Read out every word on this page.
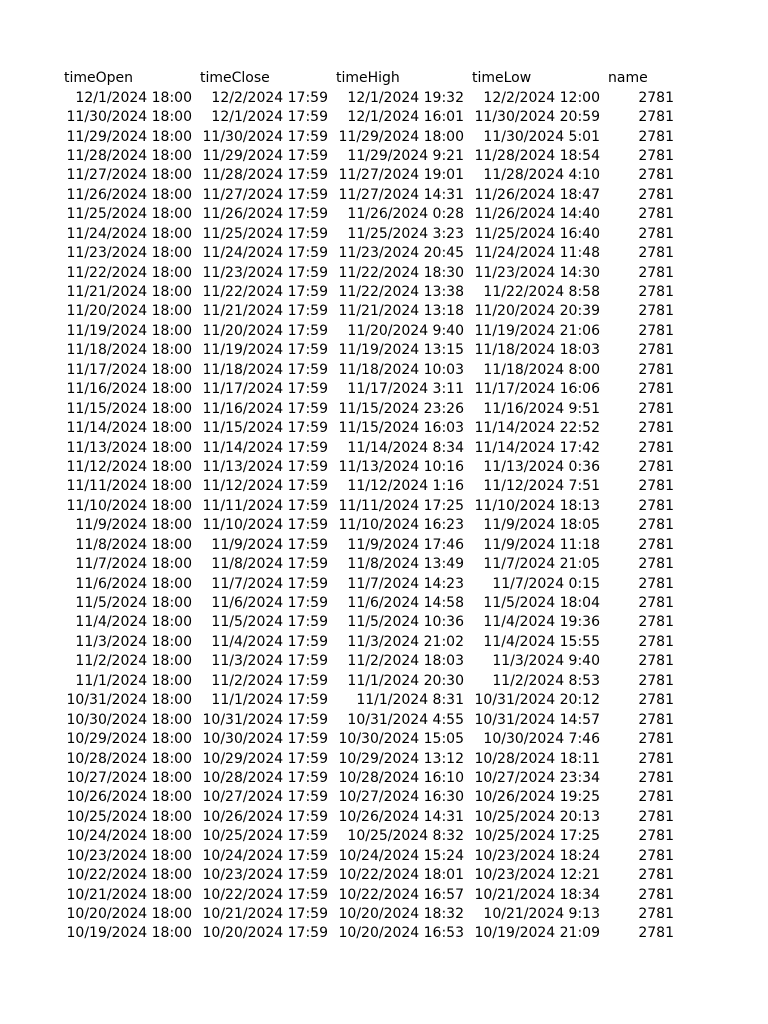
timeOpen	timeClose	timeHigh	timeLow	name
12/1/2024 18:00	12/2/2024 17:59	12/1/2024 19:32	12/2/2024 12:00	2781
11/30/2024 18:00	12/1/2024 17:59	12/1/2024 16:01	11/30/2024 20:59	2781
11/29/2024 18:00	11/30/2024 17:59	11/29/2024 18:00	11/30/2024 5:01	2781
11/28/2024 18:00	11/29/2024 17:59	11/29/2024 9:21	11/28/2024 18:54	2781
11/27/2024 18:00	11/28/2024 17:59	11/27/2024 19:01	11/28/2024 4:10	2781
11/26/2024 18:00	11/27/2024 17:59	11/27/2024 14:31	11/26/2024 18:47	2781
11/25/2024 18:00	11/26/2024 17:59	11/26/2024 0:28	11/26/2024 14:40	2781
11/24/2024 18:00	11/25/2024 17:59	11/25/2024 3:23	11/25/2024 16:40	2781
11/23/2024 18:00	11/24/2024 17:59	11/23/2024 20:45	11/24/2024 11:48	2781
11/22/2024 18:00	11/23/2024 17:59	11/22/2024 18:30	11/23/2024 14:30	2781
11/21/2024 18:00	11/22/2024 17:59	11/22/2024 13:38	11/22/2024 8:58	2781
11/20/2024 18:00	11/21/2024 17:59	11/21/2024 13:18	11/20/2024 20:39	2781
11/19/2024 18:00	11/20/2024 17:59	11/20/2024 9:40	11/19/2024 21:06	2781
11/18/2024 18:00	11/19/2024 17:59	11/19/2024 13:15	11/18/2024 18:03	2781
11/17/2024 18:00	11/18/2024 17:59	11/18/2024 10:03	11/18/2024 8:00	2781
11/16/2024 18:00	11/17/2024 17:59	11/17/2024 3:11	11/17/2024 16:06	2781
11/15/2024 18:00	11/16/2024 17:59	11/15/2024 23:26	11/16/2024 9:51	2781
11/14/2024 18:00	11/15/2024 17:59	11/15/2024 16:03	11/14/2024 22:52	2781
11/13/2024 18:00	11/14/2024 17:59	11/14/2024 8:34	11/14/2024 17:42	2781
11/12/2024 18:00	11/13/2024 17:59	11/13/2024 10:16	11/13/2024 0:36	2781
11/11/2024 18:00	11/12/2024 17:59	11/12/2024 1:16	11/12/2024 7:51	2781
11/10/2024 18:00	11/11/2024 17:59	11/11/2024 17:25	11/10/2024 18:13	2781
11/9/2024 18:00	11/10/2024 17:59	11/10/2024 16:23	11/9/2024 18:05	2781
11/8/2024 18:00	11/9/2024 17:59	11/9/2024 17:46	11/9/2024 11:18	2781
11/7/2024 18:00	11/8/2024 17:59	11/8/2024 13:49	11/7/2024 21:05	2781
11/6/2024 18:00	11/7/2024 17:59	11/7/2024 14:23	11/7/2024 0:15	2781
11/5/2024 18:00	11/6/2024 17:59	11/6/2024 14:58	11/5/2024 18:04	2781
11/4/2024 18:00	11/5/2024 17:59	11/5/2024 10:36	11/4/2024 19:36	2781
11/3/2024 18:00	11/4/2024 17:59	11/3/2024 21:02	11/4/2024 15:55	2781
11/2/2024 18:00	11/3/2024 17:59	11/2/2024 18:03	11/3/2024 9:40	2781
11/1/2024 18:00	11/2/2024 17:59	11/1/2024 20:30	11/2/2024 8:53	2781
10/31/2024 18:00	11/1/2024 17:59	11/1/2024 8:31	10/31/2024 20:12	2781
10/30/2024 18:00	10/31/2024 17:59	10/31/2024 4:55	10/31/2024 14:57	2781
10/29/2024 18:00	10/30/2024 17:59	10/30/2024 15:05	10/30/2024 7:46	2781
10/28/2024 18:00	10/29/2024 17:59	10/29/2024 13:12	10/28/2024 18:11	2781
10/27/2024 18:00	10/28/2024 17:59	10/28/2024 16:10	10/27/2024 23:34	2781
10/26/2024 18:00	10/27/2024 17:59	10/27/2024 16:30	10/26/2024 19:25	2781
10/25/2024 18:00	10/26/2024 17:59	10/26/2024 14:31	10/25/2024 20:13	2781
10/24/2024 18:00	10/25/2024 17:59	10/25/2024 8:32	10/25/2024 17:25	2781
10/23/2024 18:00	10/24/2024 17:59	10/24/2024 15:24	10/23/2024 18:24	2781
10/22/2024 18:00	10/23/2024 17:59	10/22/2024 18:01	10/23/2024 12:21	2781
10/21/2024 18:00	10/22/2024 17:59	10/22/2024 16:57	10/21/2024 18:34	2781
10/20/2024 18:00	10/21/2024 17:59	10/20/2024 18:32	10/21/2024 9:13	2781
10/19/2024 18:00	10/20/2024 17:59	10/20/2024 16:53	10/19/2024 21:09	2781
